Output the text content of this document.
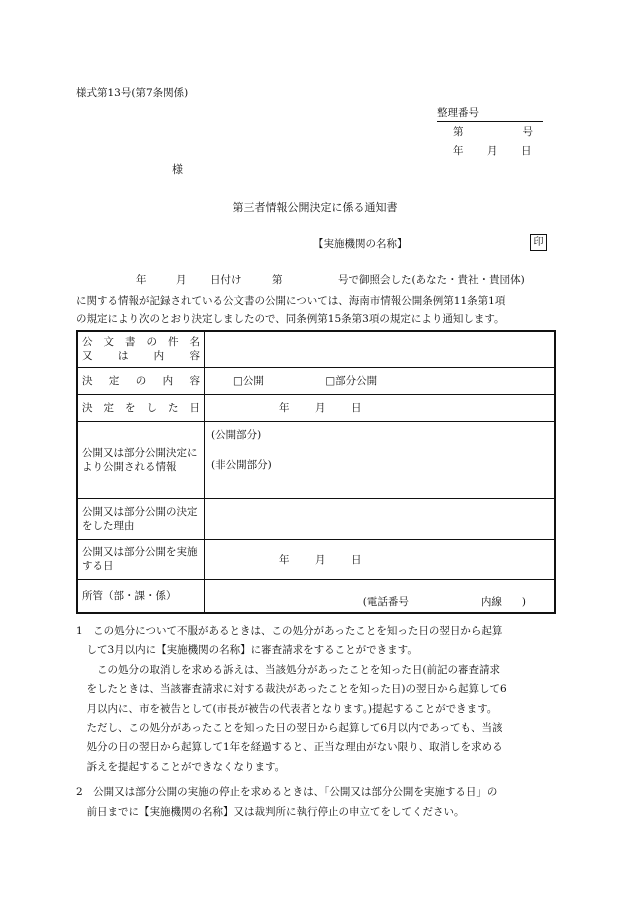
様式第13号(第7条関係)
整理番号
第	号
年 月 日
様
第三者情報公開決定に係る通知書
【実施機関の名称】	印
年	月 日付け	第	号で御照会した(あなた・貴社・貴団体)
に関する情報が記録されている公文書の公開については、海南市情報公開条例第11条第1項
の規定により次のとおり決定しましたので、同条例第15条第3項の規定により通知します。
公 文 書 の 件 名
又　　は　　内　　容	

決　定　の　内　容	□公開 □部分公開
決 定 を し た 日	年 月 日

公開又は部分公開決定により公開される情報	(公開部分)
(非公開部分)

公開又は部分公開の決定をした理由	
公開又は部分公開を実施する日	年 月 日

所管（部・課・係）	(電話番号 内線 )
1　この処分について不服があるときは、この処分があったことを知った日の翌日から起算
　して3月以内に【実施機関の名称】に審査請求をすることができます。
　　この処分の取消しを求める訴えは、当該処分があったことを知った日(前記の審査請求
　をしたときは、当該審査請求に対する裁決があったことを知った日)の翌日から起算して6
　月以内に、市を被告として(市長が被告の代表者となります。)提起することができます。
　ただし、この処分があったことを知った日の翌日から起算して6月以内であっても、当該
　処分の日の翌日から起算して1年を経過すると、正当な理由がない限り、取消しを求める
　訴えを提起することができなくなります。
2　公開又は部分公開の実施の停止を求めるときは、「公開又は部分公開を実施する日」の
　前日までに【実施機関の名称】又は裁判所に執行停止の申立てをしてください。
